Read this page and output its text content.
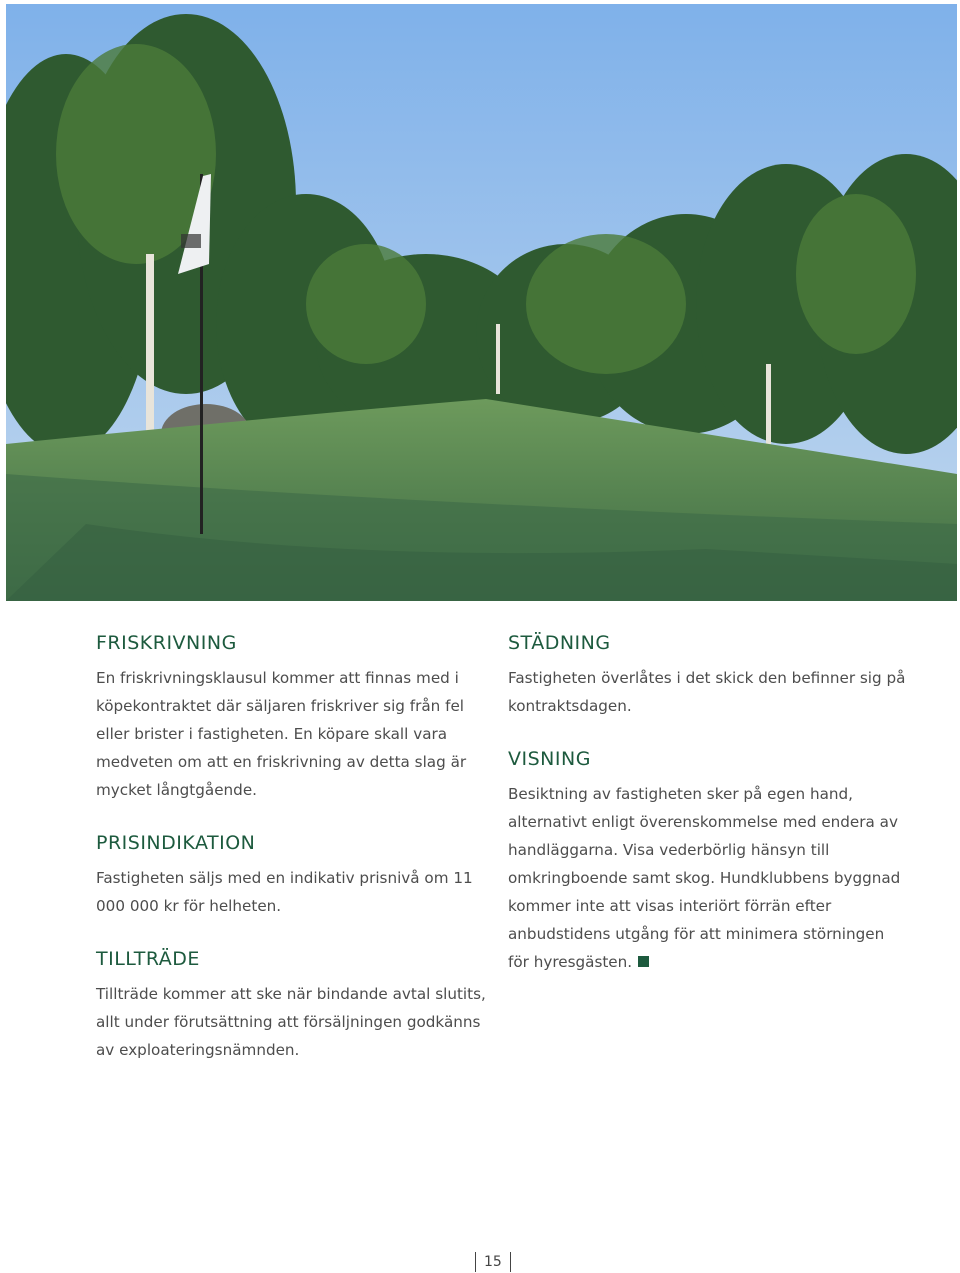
FRISKRIVNING

En friskrivningsklausul kommer att finnas med i köpekontraktet där säljaren friskriver sig från fel eller brister i fastigheten. En köpare skall vara medveten om att en friskrivning av detta slag är mycket långtgående.

PRISINDIKATION

Fastigheten säljs med en indikativ prisnivå om 11 000 000 kr för helheten.

TILLTRÄDE

Tillträde kommer att ske när bindande avtal slutits, allt under förutsättning att försäljningen godkänns av exploateringsnämnden.

STÄDNING

Fastigheten överlåtes i det skick den befinner sig på kontraktsdagen.

VISNING

Besiktning av fastigheten sker på egen hand, alternativt enligt överenskommelse med endera av handläggarna. Visa vederbörlig hänsyn till omkringboende samt skog. Hundklubbens byggnad kommer inte att visas interiört förrän efter anbudstidens utgång för att minimera störningen för hyresgästen.

15
